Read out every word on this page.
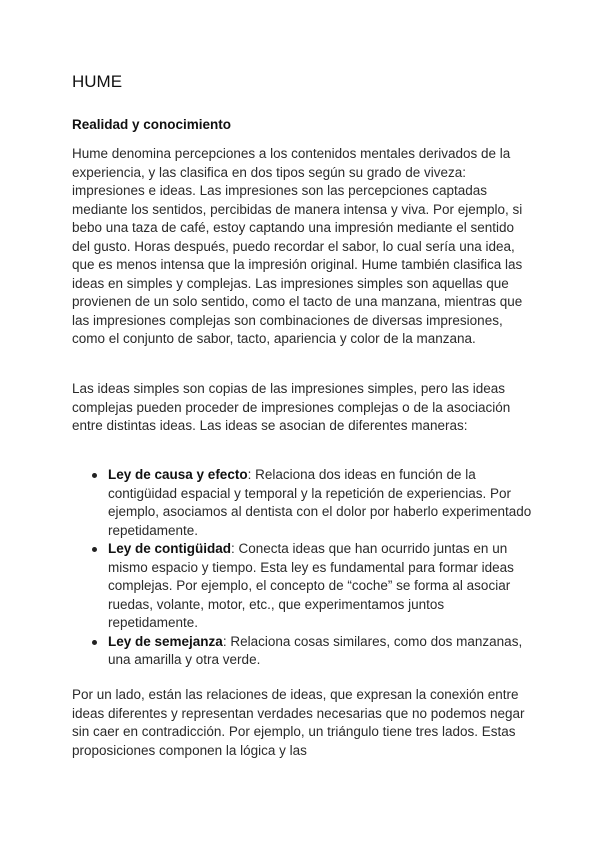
HUME
Realidad y conocimiento

Hume denomina percepciones a los contenidos mentales derivados de la experiencia, y las clasifica en dos tipos según su grado de viveza: impresiones e ideas. Las impresiones son las percepciones captadas mediante los sentidos, percibidas de manera intensa y viva. Por ejemplo, si bebo una taza de café, estoy captando una impresión mediante el sentido del gusto. Horas después, puedo recordar el sabor, lo cual sería una idea, que es menos intensa que la impresión original. Hume también clasifica las ideas en simples y complejas. Las impresiones simples son aquellas que provienen de un solo sentido, como el tacto de una manzana, mientras que las impresiones complejas son combinaciones de diversas impresiones, como el conjunto de sabor, tacto, apariencia y color de la manzana.

Las ideas simples son copias de las impresiones simples, pero las ideas complejas pueden proceder de impresiones complejas o de la asociación entre distintas ideas. Las ideas se asocian de diferentes maneras:

Ley de causa y efecto: Relaciona dos ideas en función de la contigüidad espacial y temporal y la repetición de experiencias. Por ejemplo, asociamos al dentista con el dolor por haberlo experimentado repetidamente.
Ley de contigüidad: Conecta ideas que han ocurrido juntas en un mismo espacio y tiempo. Esta ley es fundamental para formar ideas complejas. Por ejemplo, el concepto de “coche” se forma al asociar ruedas, volante, motor, etc., que experimentamos juntos repetidamente.
Ley de semejanza: Relaciona cosas similares, como dos manzanas, una amarilla y otra verde.

Por un lado, están las relaciones de ideas, que expresan la conexión entre ideas diferentes y representan verdades necesarias que no podemos negar sin caer en contradicción. Por ejemplo, un triángulo tiene tres lados. Estas proposiciones componen la lógica y las
